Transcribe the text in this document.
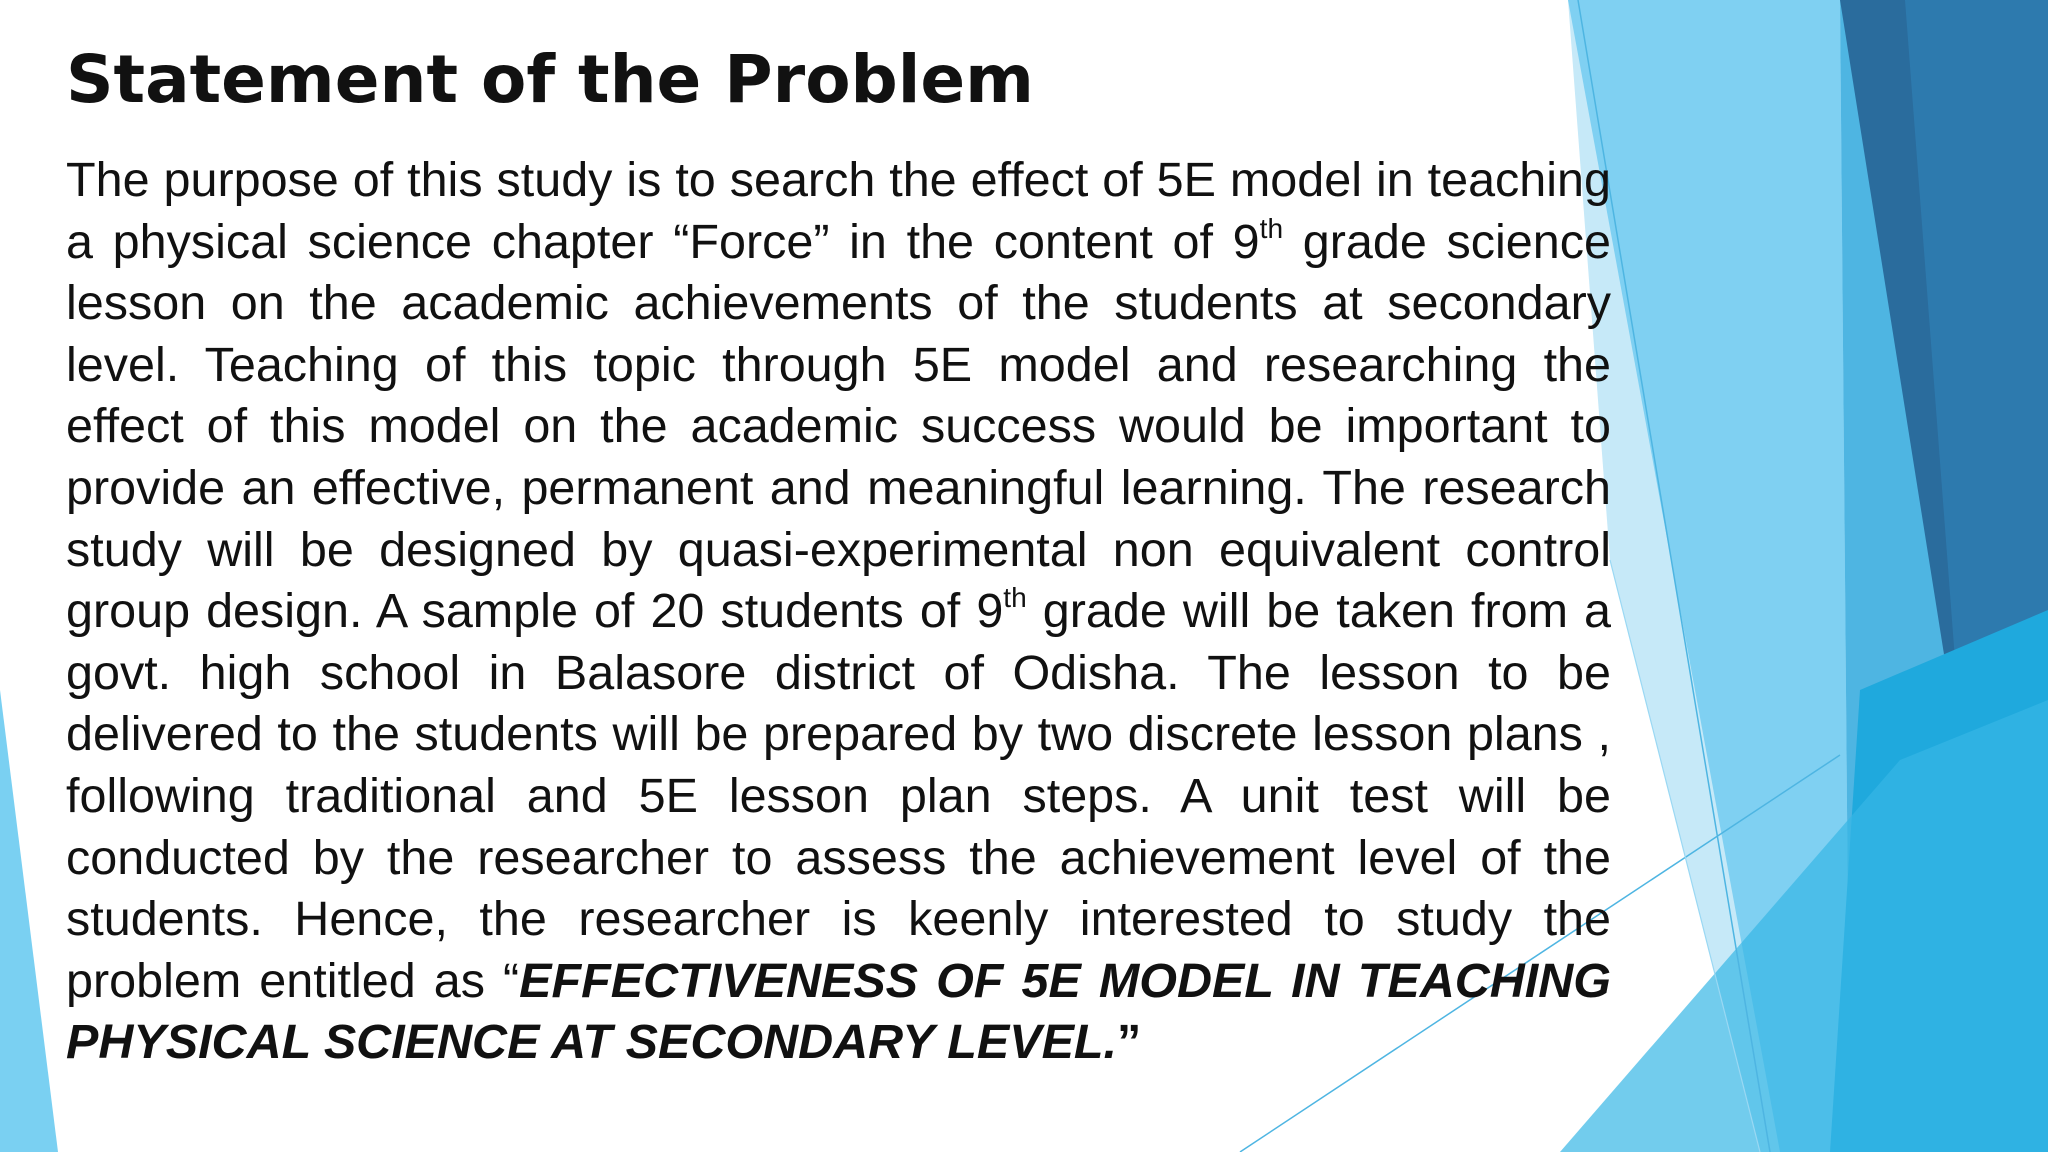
Statement of the Problem

The purpose of this study is to search the effect of 5E model in teaching a physical science chapter “Force” in the content of 9th grade science lesson on the academic achievements of the students at secondary level. Teaching of this topic through 5E model and researching the effect of this model on the academic success would be important to provide an effective, permanent and meaningful learning. The research study will be designed by quasi-experimental non equivalent control group design. A sample of 20 students of 9th grade will be taken from a govt. high school in Balasore district of Odisha. The lesson to be delivered to the students will be prepared by two discrete lesson plans , following traditional and 5E lesson plan steps. A unit test will be conducted by the researcher to assess the achievement level of the students. Hence, the researcher is keenly interested to study the problem entitled as “EFFECTIVENESS OF 5E MODEL IN TEACHING PHYSICAL SCIENCE AT SECONDARY LEVEL.”
